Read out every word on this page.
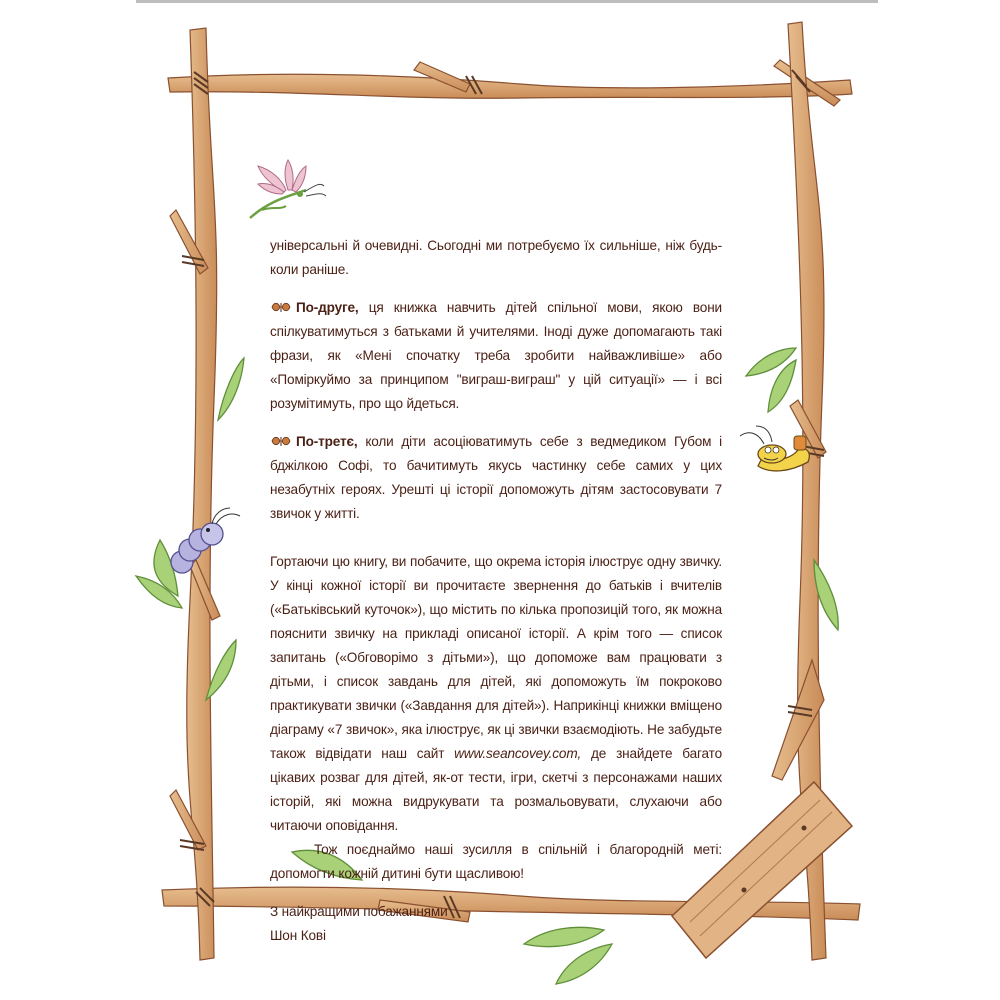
універсальні й очевидні. Сьогодні ми потребуємо їх сильніше, ніж будь-коли раніше.

По-друге, ця книжка навчить дітей спільної мови, якою вони спілкуватимуться з батьками й учителями. Іноді дуже допомагають такі фрази, як «Мені спочатку треба зробити найважливіше» або «Поміркуймо за принципом "виграш-виграш" у цій ситуації» — і всі розумітимуть, про що йдеться.

По-третє, коли діти асоціюватимуть себе з ведмедиком Губом і бджілкою Софі, то бачитимуть якусь частинку себе самих у цих незабутніх героях. Урешті ці історії допоможуть дітям застосовувати 7 звичок у житті.

Гортаючи цю книгу, ви побачите, що окрема історія ілюструє одну звичку. У кінці кожної історії ви прочитаєте звернення до батьків і вчителів («Батьківський куточок»), що містить по кілька пропозицій того, як можна пояснити звичку на прикладі описаної історії. А крім того — список запитань («Обговорімо з дітьми»), що допоможе вам працювати з дітьми, і список завдань для дітей, які допоможуть їм покроково практикувати звички («Завдання для дітей»). Наприкінці книжки вміщено діаграму «7 звичок», яка ілюструє, як ці звички взаємодіють. Не забудьте також відвідати наш сайт www.seancovey.com, де знайдете багато цікавих розваг для дітей, як-от тести, ігри, скетчі з персонажами наших історій, які можна видрукувати та розмальовувати, слухаючи або читаючи оповідання.

Тож поєднаймо наші зусилля в спільній і благородній меті: допомогти кожній дитині бути щасливою!

З найкращими побажаннями

Шон Кові
